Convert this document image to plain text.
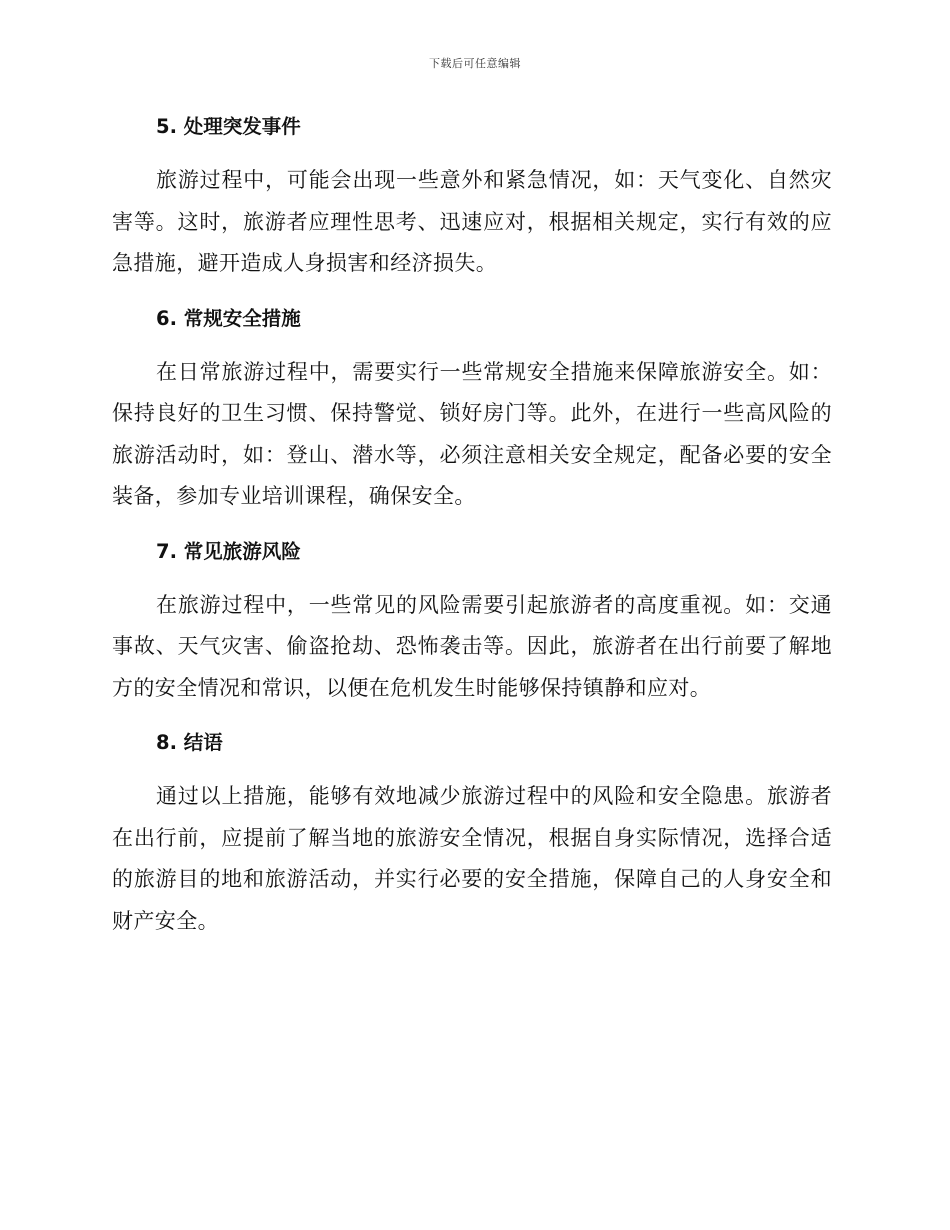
下载后可任意编辑
5. 处理突发事件

旅游过程中，可能会出现一些意外和紧急情况，如：天气变化、自然灾害等。这时，旅游者应理性思考、迅速应对，根据相关规定，实行有效的应急措施，避开造成人身损害和经济损失。

6. 常规安全措施

在日常旅游过程中，需要实行一些常规安全措施来保障旅游安全。如：保持良好的卫生习惯、保持警觉、锁好房门等。此外，在进行一些高风险的旅游活动时，如：登山、潜水等，必须注意相关安全规定，配备必要的安全装备，参加专业培训课程，确保安全。

7. 常见旅游风险

在旅游过程中，一些常见的风险需要引起旅游者的高度重视。如：交通事故、天气灾害、偷盗抢劫、恐怖袭击等。因此，旅游者在出行前要了解地方的安全情况和常识，以便在危机发生时能够保持镇静和应对。

8. 结语

通过以上措施，能够有效地减少旅游过程中的风险和安全隐患。旅游者在出行前，应提前了解当地的旅游安全情况，根据自身实际情况，选择合适的旅游目的地和旅游活动，并实行必要的安全措施，保障自己的人身安全和财产安全。
